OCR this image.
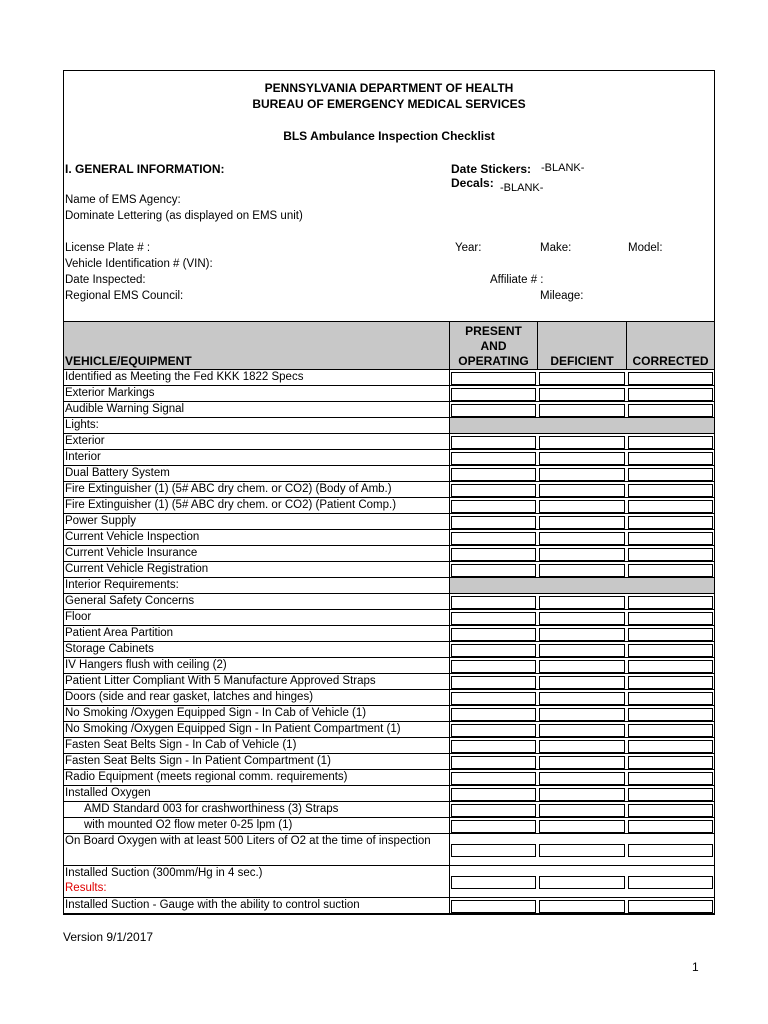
PENNSYLVANIA DEPARTMENT OF HEALTH
BUREAU OF EMERGENCY MEDICAL SERVICES
BLS Ambulance Inspection Checklist
I. GENERAL INFORMATION:	Date Stickers: -BLANK-
Decals: -BLANK-
Name of EMS Agency:
Dominate Lettering (as displayed on EMS unit)
License Plate # :	Year:	Make:	Model:
Vehicle Identification # (VIN):
Date Inspected:	Affiliate # :
Regional EMS Council:	Mileage:
VEHICLE/EQUIPMENT
PRESENT AND OPERATING	DEFICIENT	CORRECTED
Identified as Meeting the Fed KKK 1822 Specs
Exterior Markings
Audible Warning Signal
Lights:
Exterior
Interior
Dual Battery System
Fire Extinguisher (1) (5# ABC dry chem. or CO2) (Body of Amb.)
Fire Extinguisher (1) (5# ABC dry chem. or CO2) (Patient Comp.)
Power Supply
Current Vehicle Inspection
Current Vehicle Insurance
Current Vehicle Registration
Interior Requirements:
General Safety Concerns
Floor
Patient Area Partition
Storage Cabinets
IV Hangers flush with ceiling (2)
Patient Litter Compliant With 5 Manufacture Approved Straps
Doors (side and rear gasket, latches and hinges)
No Smoking /Oxygen Equipped Sign - In Cab of Vehicle (1)
No Smoking /Oxygen Equipped Sign - In Patient Compartment (1)
Fasten Seat Belts Sign - In Cab of Vehicle (1)
Fasten Seat Belts Sign - In Patient Compartment (1)
Radio Equipment (meets regional comm. requirements)
Installed Oxygen
AMD Standard 003 for crashworthiness (3) Straps
with mounted O2 flow meter 0-25 lpm (1)
On Board Oxygen with at least 500 Liters of O2 at the time of inspection
Installed Suction (300mm/Hg in 4 sec.)
Results:
Installed Suction - Gauge with the ability to control suction
Version 9/1/2017
1
